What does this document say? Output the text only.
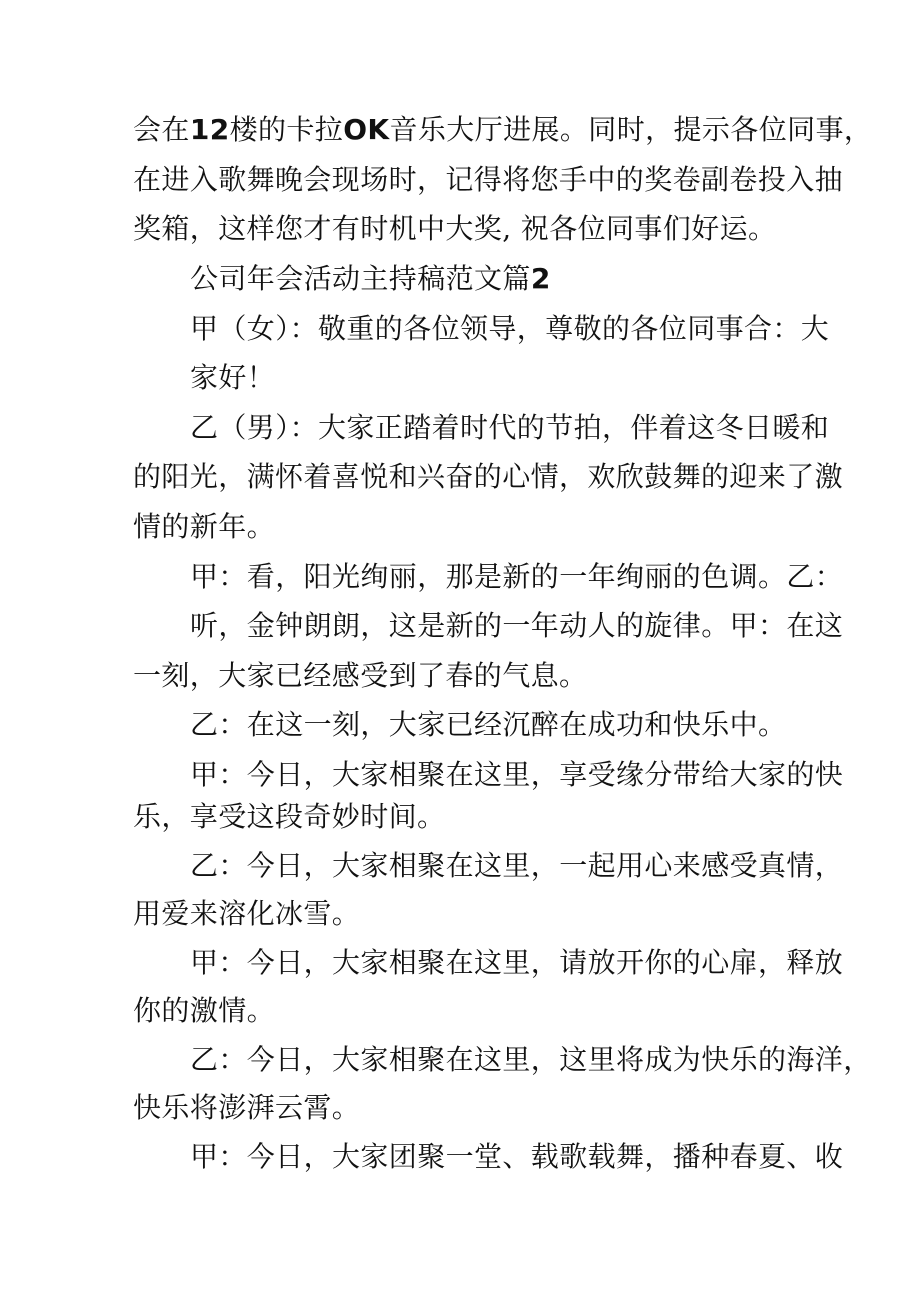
会在12楼的卡拉OK音乐大厅进展。同时，提示各位同事，
在进入歌舞晚会现场时，记得将您手中的奖卷副卷投入抽
奖箱，这样您才有时机中大奖, 祝各位同事们好运。
公司年会活动主持稿范文篇2
甲（女）：敬重的各位领导，尊敬的各位同事合：大
家好！
乙（男）：大家正踏着时代的节拍，伴着这冬日暖和
的阳光，满怀着喜悦和兴奋的心情，欢欣鼓舞的迎来了激
情的新年。
甲：看，阳光绚丽，那是新的一年绚丽的色调。乙：
听，金钟朗朗，这是新的一年动人的旋律。甲：在这
一刻，大家已经感受到了春的气息。
乙：在这一刻，大家已经沉醉在成功和快乐中。
甲：今日，大家相聚在这里，享受缘分带给大家的快
乐，享受这段奇妙时间。
乙：今日，大家相聚在这里，一起用心来感受真情，
用爱来溶化冰雪。
甲：今日，大家相聚在这里，请放开你的心扉，释放
你的激情。
乙：今日，大家相聚在这里，这里将成为快乐的海洋，
快乐将澎湃云霄。
甲：今日，大家团聚一堂、载歌载舞，播种春夏、收
